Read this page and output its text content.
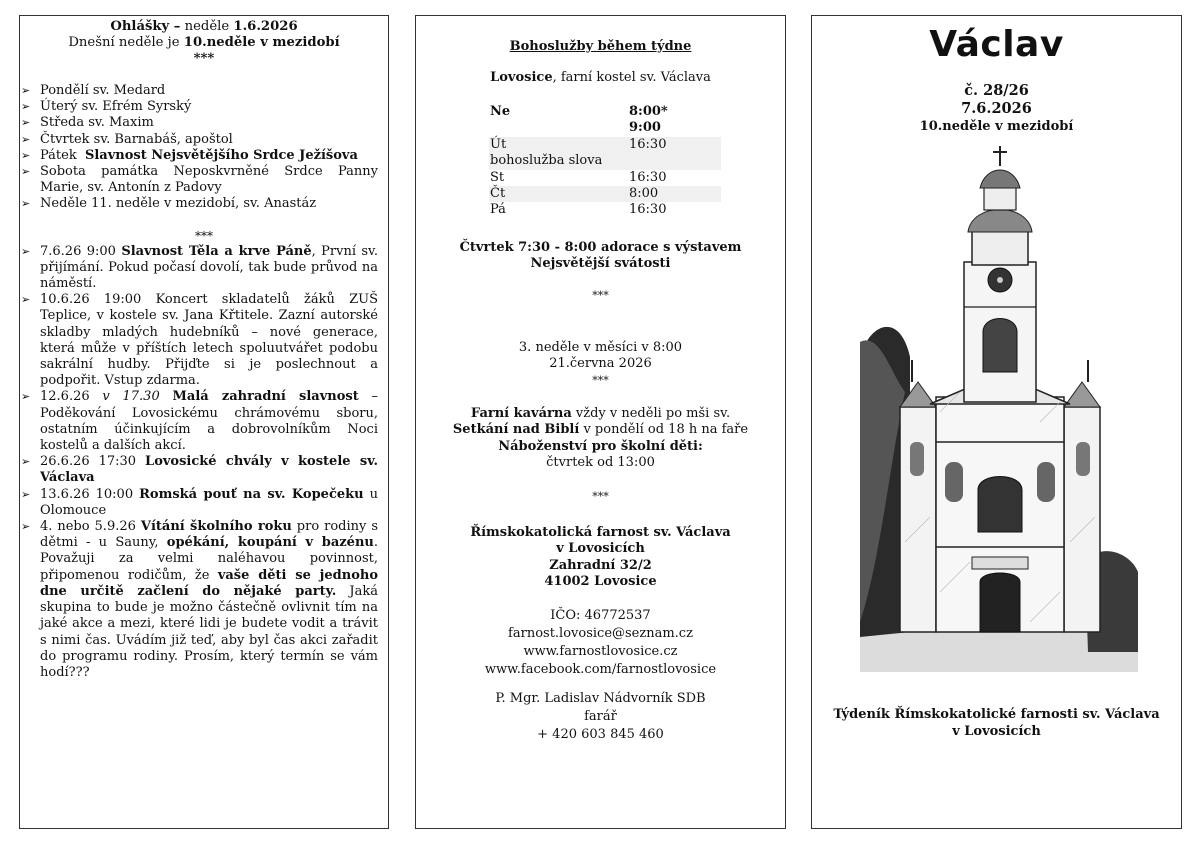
Ohlášky – neděle 1.6.2026
Dnešní neděle je 10.neděle v mezidobí
***
➢ Pondělí sv. Medard
➢ Úterý sv. Efrém Syrský
➢ Středa sv. Maxim
➢ Čtvrtek sv. Barnabáš, apoštol
➢ Pátek Slavnost Nejsvětějšího Srdce Ježíšova
➢ Sobota památka Neposkvrněné Srdce Panny Marie, sv. Antonín z Padovy
➢ Neděle 11. neděle v mezidobí, sv. Anastáz
***
➢ 7.6.26 9:00 Slavnost Těla a krve Páně, První sv. přijímání. Pokud počasí dovolí, tak bude průvod na náměstí.
➢ 10.6.26 19:00 Koncert skladatelů žáků ZUŠ Teplice, v kostele sv. Jana Křtitele. Zazní autorské skladby mladých hudebníků – nové generace, která může v příštích letech spoluutvářet podobu sakrální hudby. Přijďte si je poslechnout a podpořit. Vstup zdarma.
➢ 12.6.26 v 17.30 Malá zahradní slavnost – Poděkování Lovosickému chrámovému sboru, ostatním účinkujícím a dobrovolníkům Noci kostelů a dalších akcí.
➢ 26.6.26 17:30 Lovosické chvály v kostele sv. Václava
➢ 13.6.26 10:00 Romská pouť na sv. Kopečeku u Olomouce
➢ 4. nebo 5.9.26 Vítání školního roku pro rodiny s dětmi - u Sauny, opékání, koupání v bazénu. Považuji za velmi naléhavou povinnost, připomenou rodičům, že vaše děti se jednoho dne určitě začlení do nějaké party. Jaká skupina to bude je možno částečně ovlivnit tím na jaké akce a mezi, které lidi je budete vodit a trávit s nimi čas. Uvádím již teď, aby byl čas akci zařadit do programu rodiny. Prosím, který termín se vám hodí???
Bohoslužby během týdne
Lovosice, farní kostel sv. Václava
Ne	8:00*
	9:00
Út	16:30
bohoslužba slova	
St	16:30
Čt	8:00
Pá	16:30
Čtvrtek 7:30 - 8:00 adorace s výstavem
Nejsvětější svátosti
***
3. neděle v měsíci v 8:00
21.června 2026
***
Farní kavárna vždy v neděli po mši sv.
Setkání nad Biblí v pondělí od 18 h na faře
Náboženství pro školní děti:
čtvrtek od 13:00
***
Římskokatolická farnost sv. Václava
v Lovosicích
Zahradní 32/2
41002 Lovosice
IČO: 46772537
farnost.lovosice@seznam.cz
www.farnostlovosice.cz
www.facebook.com/farnostlovosice
P. Mgr. Ladislav Nádvorník SDB
farář
+ 420 603 845 460
Václav
č. 28/26
7.6.2026
10.neděle v mezidobí
Týdeník Římskokatolické farnosti sv. Václava
v Lovosicích
